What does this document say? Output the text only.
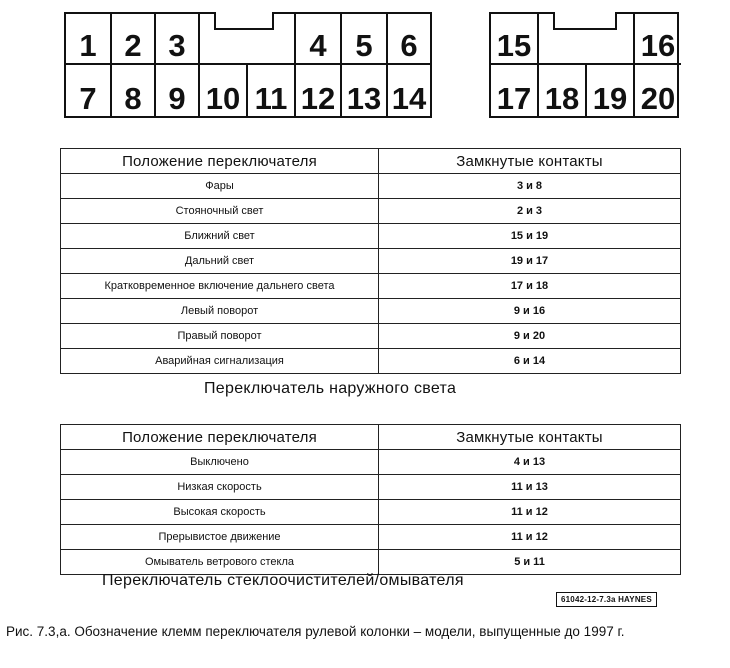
1 2 3	4 5 6
7 8 9 10 11 12 13 14
15	16
17 18 19 20
Положение переключателя	Замкнутые контакты
Фары	3 и 8
Стояночный свет	2 и 3
Ближний свет	15 и 19
Дальний свет	19 и 17
Кратковременное включение дальнего света	17 и 18
Левый поворот	9 и 16
Правый поворот	9 и 20
Аварийная сигнализация	6 и 14
Переключатель наружного света
Положение переключателя	Замкнутые контакты
Выключено	4 и 13
Низкая скорость	11 и 13
Высокая скорость	11 и 12
Прерывистое движение	11 и 12
Омыватель ветрового стекла	5 и 11
Переключатель стеклоочистителей/омывателя
61042-12-7.3a HAYNES
Рис. 7.3,а. Обозначение клемм переключателя рулевой колонки – модели, выпущенные до 1997 г.
